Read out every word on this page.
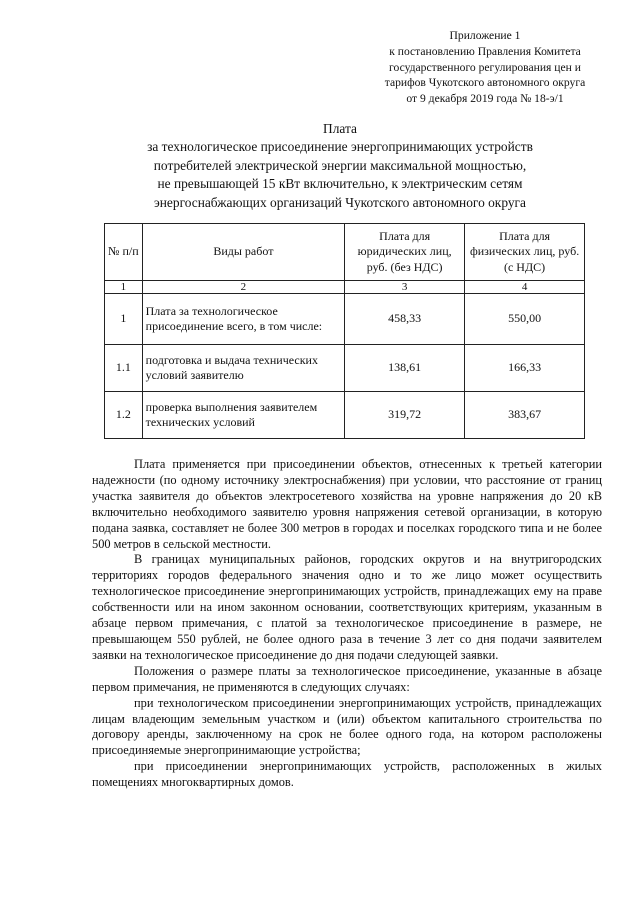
Приложение 1
к постановлению Правления Комитета
государственного регулирования цен и
тарифов Чукотского автономного округа
от 9 декабря 2019 года № 18-э/1
Плата
за технологическое присоединение энергопринимающих устройств
потребителей электрической энергии максимальной мощностью,
не превышающей 15 кВт включительно, к электрическим сетям
энергоснабжающих организаций Чукотского автономного округа
№ п/п	Виды работ	Плата для юридических лиц, руб. (без НДС)	Плата для физических лиц, руб. (с НДС)
1	2	3	4
1	Плата за технологическое присоединение всего, в том числе:	458,33	550,00
1.1	подготовка и выдача технических условий заявителю	138,61	166,33
1.2	проверка выполнения заявителем технических условий	319,72	383,67

Плата применяется при присоединении объектов, отнесенных к третьей категории надежности (по одному источнику электроснабжения) при условии, что расстояние от границ участка заявителя до объектов электросетевого хозяйства на уровне напряжения до 20 кВ включительно необходимого заявителю уровня напряжения сетевой организации, в которую подана заявка, составляет не более 300 метров в городах и поселках городского типа и не более 500 метров в сельской местности.

В границах муниципальных районов, городских округов и на внутригородских территориях городов федерального значения одно и то же лицо может осуществить технологическое присоединение энергопринимающих устройств, принадлежащих ему на праве собственности или на ином законном основании, соответствующих критериям, указанным в абзаце первом примечания, с платой за технологическое присоединение в размере, не превышающем 550 рублей, не более одного раза в течение 3 лет со дня подачи заявителем заявки на технологическое присоединение до дня подачи следующей заявки.

Положения о размере платы за технологическое присоединение, указанные в абзаце первом примечания, не применяются в следующих случаях:

при технологическом присоединении энергопринимающих устройств, принадлежащих лицам владеющим земельным участком и (или) объектом капитального строительства по договору аренды, заключенному на срок не более одного года, на котором расположены присоединяемые энергопринимающие устройства;

при присоединении энергопринимающих устройств, расположенных в жилых помещениях многоквартирных домов.
